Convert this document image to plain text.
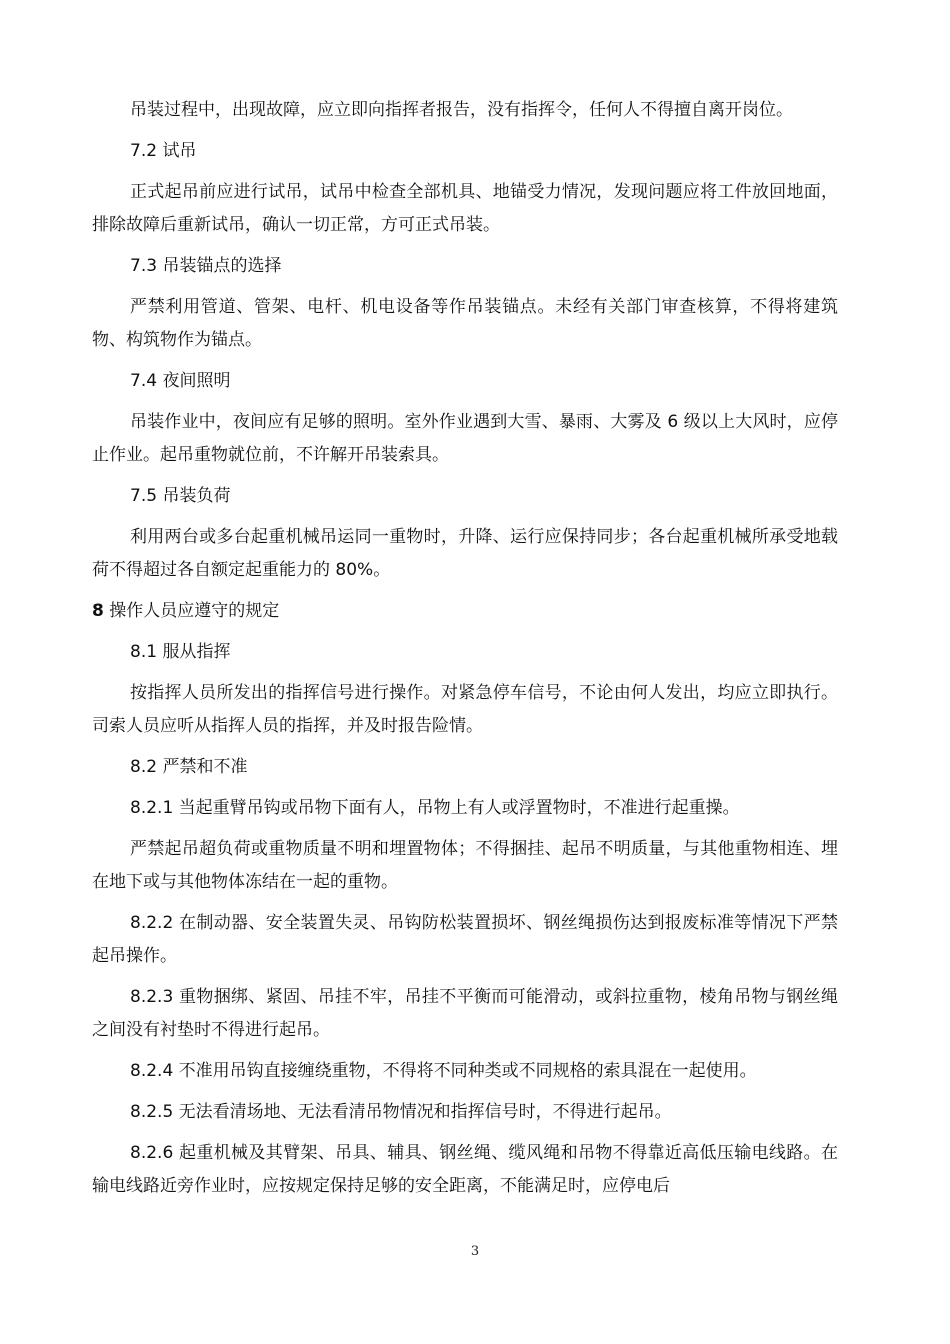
吊装过程中，出现故障，应立即向指挥者报告，没有指挥令，任何人不得擅自离开岗位。

7.2 试吊

正式起吊前应进行试吊，试吊中检查全部机具、地锚受力情况，发现问题应将工件放回地面，排除故障后重新试吊，确认一切正常，方可正式吊装。

7.3 吊装锚点的选择

严禁利用管道、管架、电杆、机电设备等作吊装锚点。未经有关部门审查核算，不得将建筑物、构筑物作为锚点。

7.4 夜间照明

吊装作业中，夜间应有足够的照明。室外作业遇到大雪、暴雨、大雾及 6 级以上大风时，应停止作业。起吊重物就位前，不许解开吊装索具。

7.5 吊装负荷

利用两台或多台起重机械吊运同一重物时，升降、运行应保持同步；各台起重机械所承受地载荷不得超过各自额定起重能力的 80%。

8 操作人员应遵守的规定

8.1 服从指挥

按指挥人员所发出的指挥信号进行操作。对紧急停车信号，不论由何人发出，均应立即执行。司索人员应听从指挥人员的指挥，并及时报告险情。

8.2 严禁和不准

8.2.1 当起重臂吊钩或吊物下面有人，吊物上有人或浮置物时，不准进行起重操。

严禁起吊超负荷或重物质量不明和埋置物体；不得捆挂、起吊不明质量，与其他重物相连、埋在地下或与其他物体冻结在一起的重物。

8.2.2 在制动器、安全装置失灵、吊钩防松装置损坏、钢丝绳损伤达到报废标准等情况下严禁起吊操作。

8.2.3 重物捆绑、紧固、吊挂不牢，吊挂不平衡而可能滑动，或斜拉重物，棱角吊物与钢丝绳之间没有衬垫时不得进行起吊。

8.2.4 不准用吊钩直接缠绕重物，不得将不同种类或不同规格的索具混在一起使用。

8.2.5 无法看清场地、无法看清吊物情况和指挥信号时，不得进行起吊。

8.2.6 起重机械及其臂架、吊具、辅具、钢丝绳、缆风绳和吊物不得靠近高低压输电线路。在输电线路近旁作业时，应按规定保持足够的安全距离，不能满足时，应停电后

3
